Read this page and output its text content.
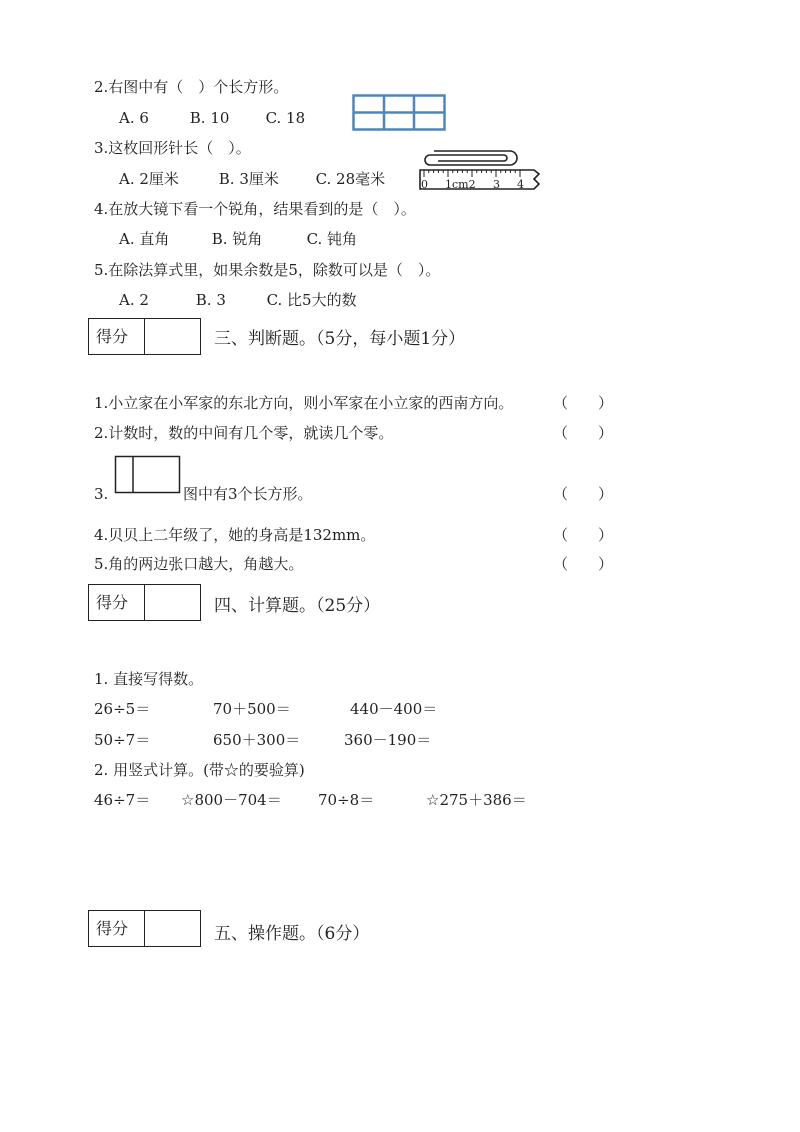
2.右图中有（　）个长方形。
A. 6	B. 10 C. 18
3.这枚回形针长（　）。
A. 2厘米	B. 3厘米 C. 28毫米	0 1cm2 3 4
4.在放大镜下看一个锐角，结果看到的是（　）。
A. 直角	B. 锐角	C. 钝角
5.在除法算式里，如果余数是5，除数可以是（　）。
A. 2	B. 3	C. 比5大的数
得分	三、判断题。（5分，每小题1分）
1.小立家在小军家的东北方向，则小军家在小立家的西南方向。	（　　）
2.计数时，数的中间有几个零，就读几个零。	（　　）
3.	图中有3个长方形。	（　　）
4.贝贝上二年级了，她的身高是132mm。	（　　）
5.角的两边张口越大，角越大。	（　　）
得分	四、计算题。（25分）
1. 直接写得数。
26÷5＝	70＋500＝	440－400＝
50÷7＝	650＋300＝	360－190＝
2. 用竖式计算。(带☆的要验算)
46÷7＝ ☆800－704＝ 70÷8＝	☆275＋386＝
得分	五、操作题。（6分）
